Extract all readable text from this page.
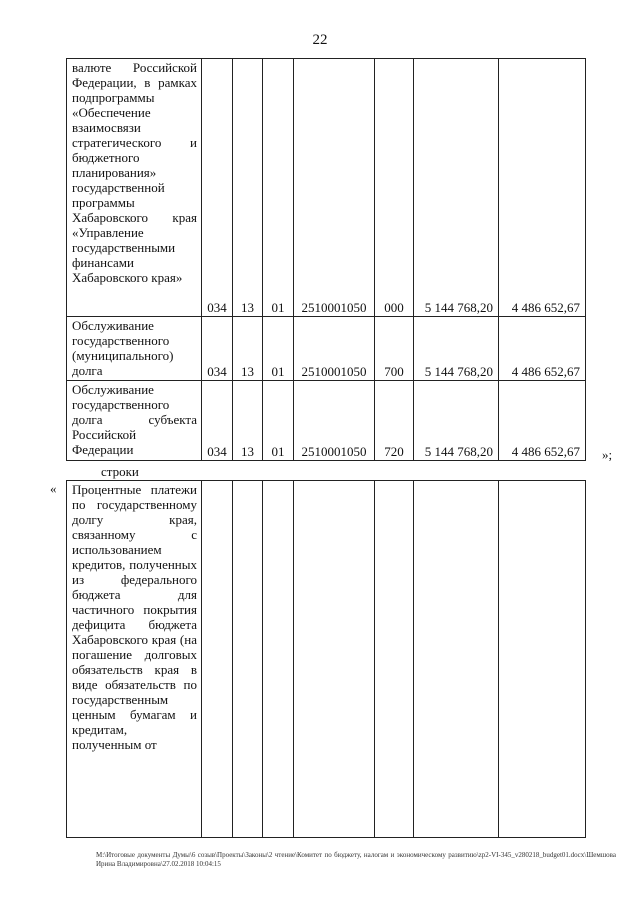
22
валюте Российской Федерации, в рамках подпрограммы «Обеспечение взаимосвязи стратегического и бюджетного планирования» государственной программы Хабаровского края «Управление государственными финансами Хабаровского края»	034	13	01	2510001050	000	5 144 768,20	4 486 652,67
Обслуживание государственного (муниципального) долга	034	13	01	2510001050	700	5 144 768,20	4 486 652,67
Обслуживание государственного долга субъекта Российской Федерации	034	13	01	2510001050	720	5 144 768,20	4 486 652,67 »;
строки
« Процентные платежи по государственному долгу края, связанному с использованием кредитов, полученных из федерального бюджета для частичного покрытия дефицита бюджета Хабаровского края (на погашение долговых обязательств края в виде обязательств по государственным ценным бумагам и кредитам, полученным от							
M:\Итоговые документы Думы\6 созыв\Проекты\Законы\2 чтение\Комитет по бюджету, налогам и экономическому развитию\zp2-VI-345_v280218_budget01.docx\Шемшова Ирина Владимировна\27.02.2018 10:04:15
